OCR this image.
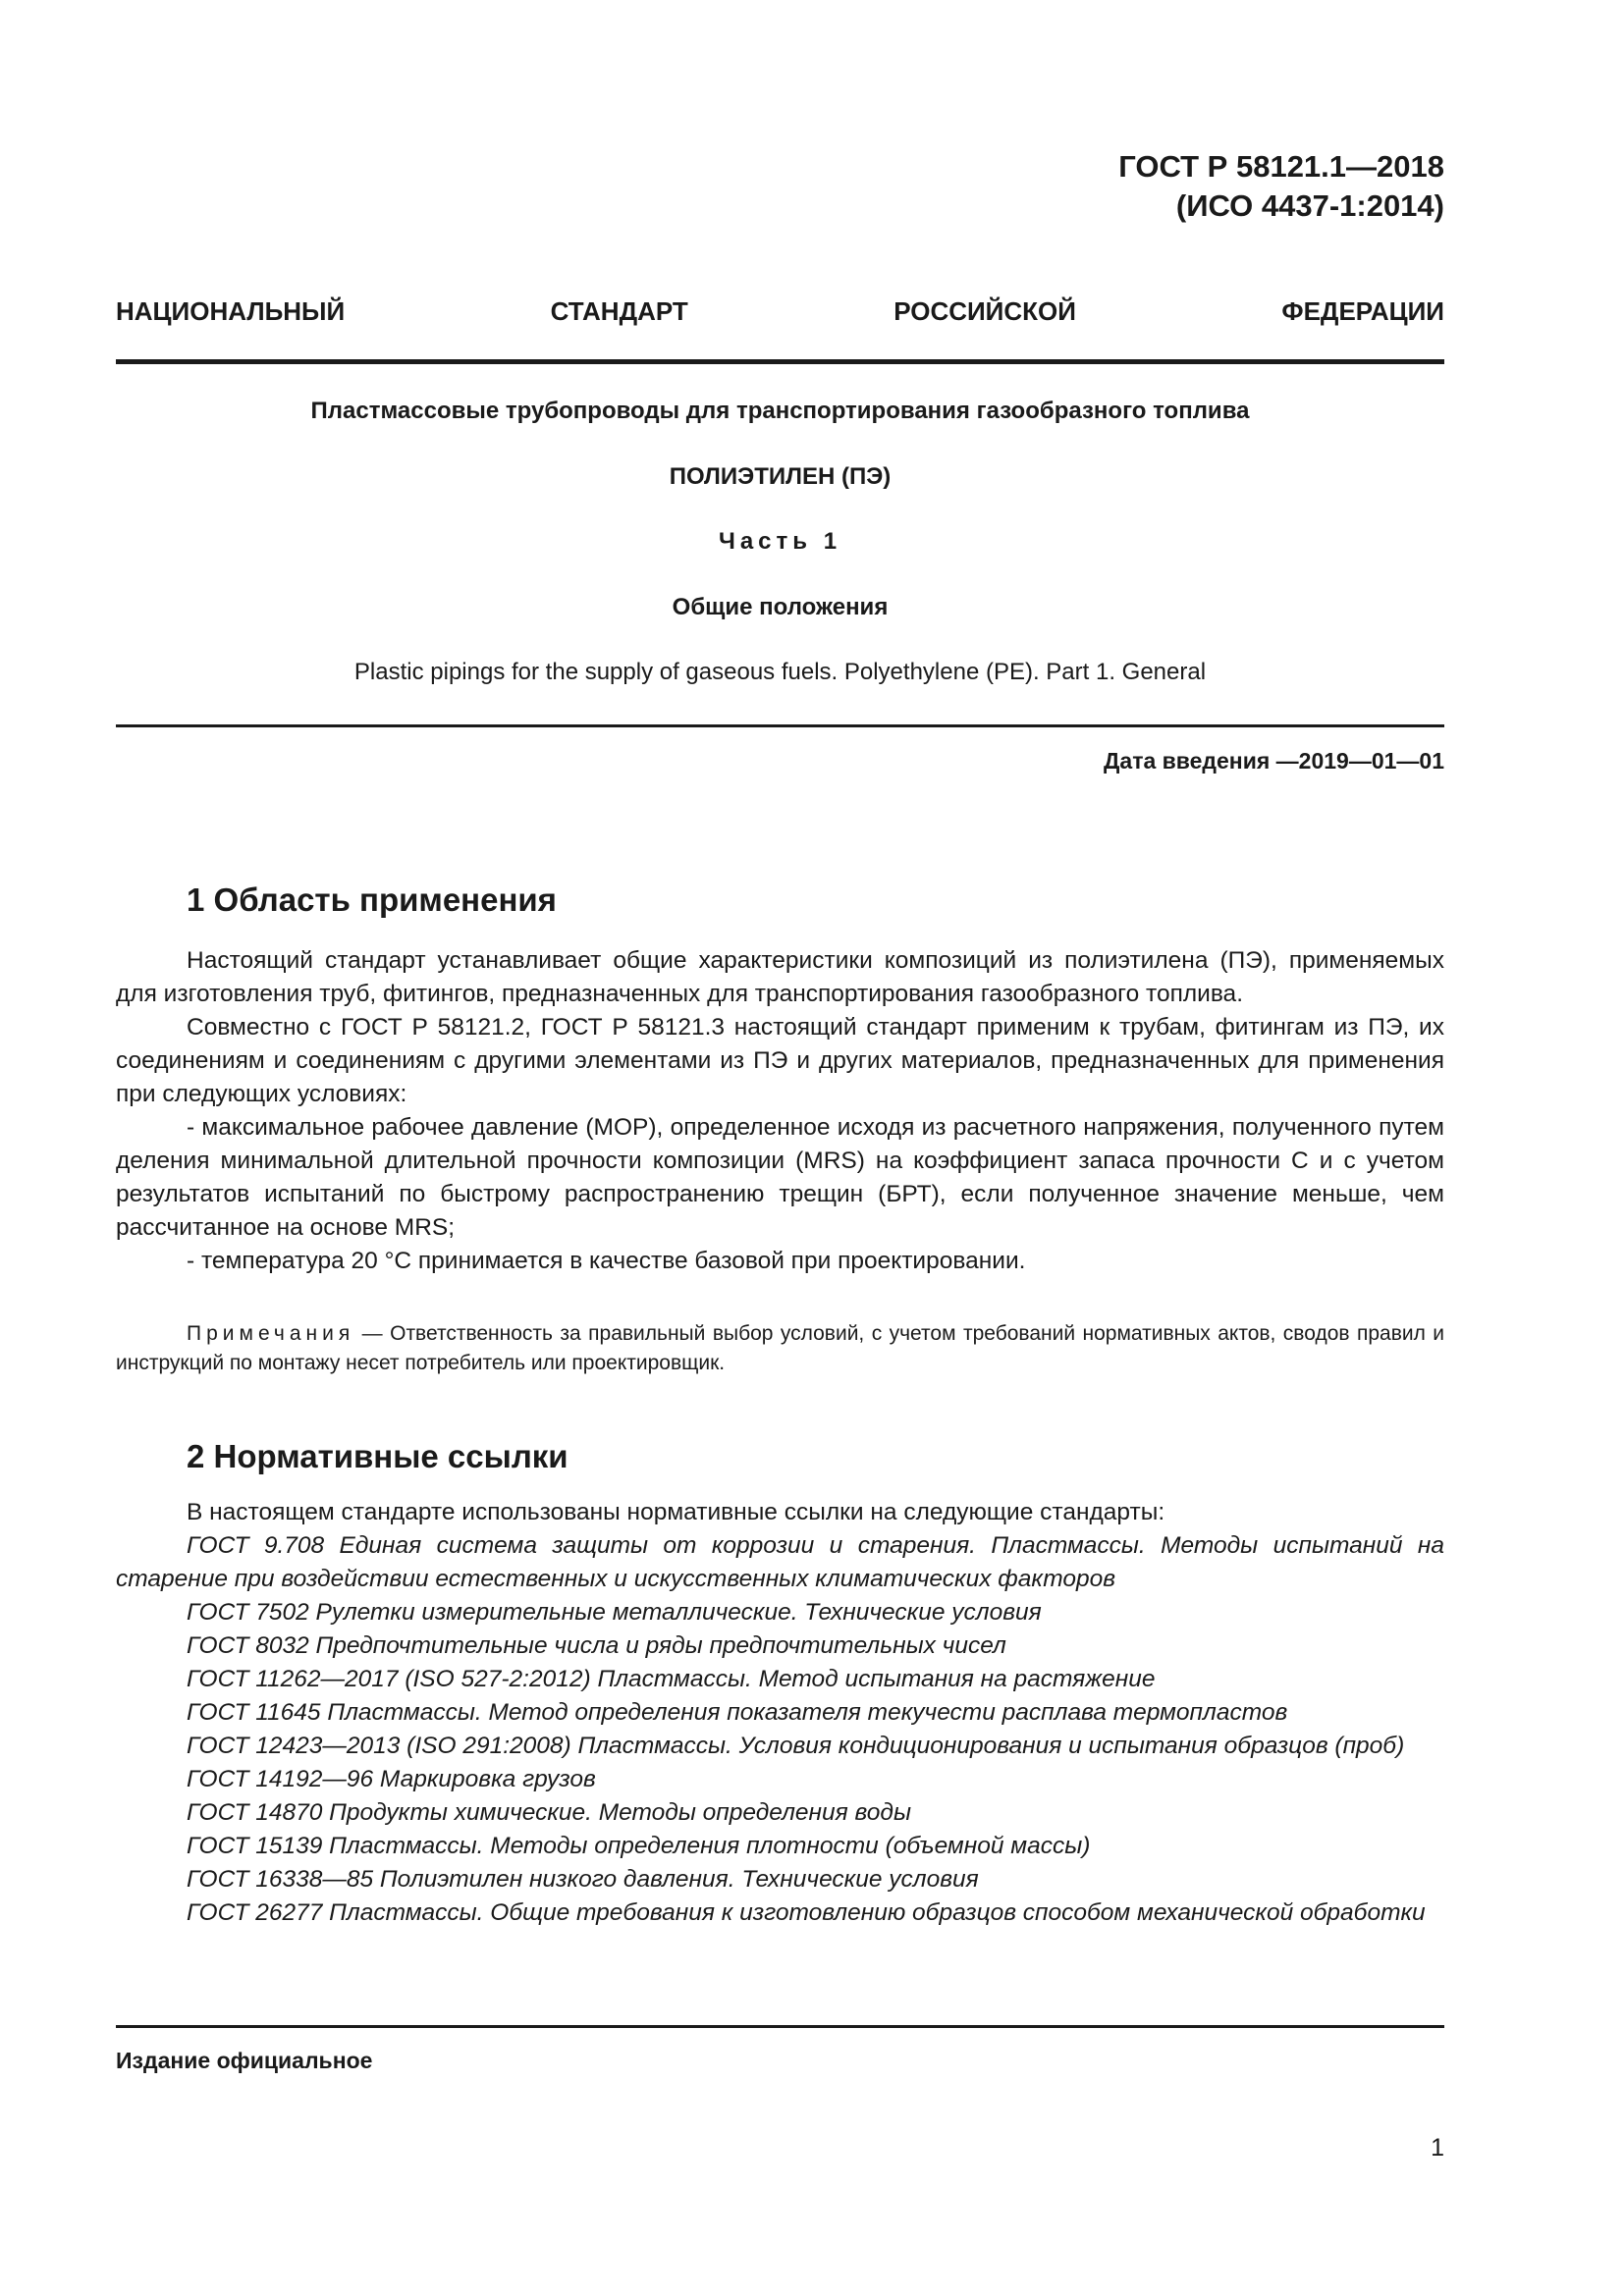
ГОСТ Р 58121.1—2018
(ИСО 4437-1:2014)
НАЦИОНАЛЬНЫЙ СТАНДАРТ РОССИЙСКОЙ ФЕДЕРАЦИИ
Пластмассовые трубопроводы для транспортирования газообразного топлива
ПОЛИЭТИЛЕН (ПЭ)
Часть 1
Общие положения
Plastic pipings for the supply of gaseous fuels. Polyethylene (PE). Part 1. General
Дата введения —2019—01—01
1 Область применения

Настоящий стандарт устанавливает общие характеристики композиций из полиэтилена (ПЭ), применяемых для изготовления труб, фитингов, предназначенных для транспортирования газообразного топлива.

Совместно с ГОСТ Р 58121.2, ГОСТ Р 58121.3 настоящий стандарт применим к трубам, фитингам из ПЭ, их соединениям и соединениям с другими элементами из ПЭ и других материалов, предназначенных для применения при следующих условиях:

- максимальное рабочее давление (МОР), определенное исходя из расчетного напряжения, полученного путем деления минимальной длительной прочности композиции (MRS) на коэффициент запаса прочности С и с учетом результатов испытаний по быстрому распространению трещин (БРТ), если полученное значение меньше, чем рассчитанное на основе MRS;

- температура 20 °С принимается в качестве базовой при проектировании.

Примечания — Ответственность за правильный выбор условий, с учетом требований нормативных актов, сводов правил и инструкций по монтажу несет потребитель или проектировщик.
2 Нормативные ссылки

В настоящем стандарте использованы нормативные ссылки на следующие стандарты:

ГОСТ 9.708 Единая система защиты от коррозии и старения. Пластмассы. Методы испытаний на старение при воздействии естественных и искусственных климатических факторов

ГОСТ 7502 Рулетки измерительные металлические. Технические условия

ГОСТ 8032 Предпочтительные числа и ряды предпочтительных чисел

ГОСТ 11262—2017 (ISO 527-2:2012) Пластмассы. Метод испытания на растяжение

ГОСТ 11645 Пластмассы. Метод определения показателя текучести расплава термопластов

ГОСТ 12423—2013 (ISO 291:2008) Пластмассы. Условия кондиционирования и испытания образцов (проб)

ГОСТ 14192—96 Маркировка грузов

ГОСТ 14870 Продукты химические. Методы определения воды

ГОСТ 15139 Пластмассы. Методы определения плотности (объемной массы)

ГОСТ 16338—85 Полиэтилен низкого давления. Технические условия

ГОСТ 26277 Пластмассы. Общие требования к изготовлению образцов способом механической обработки

Издание официальное
1
